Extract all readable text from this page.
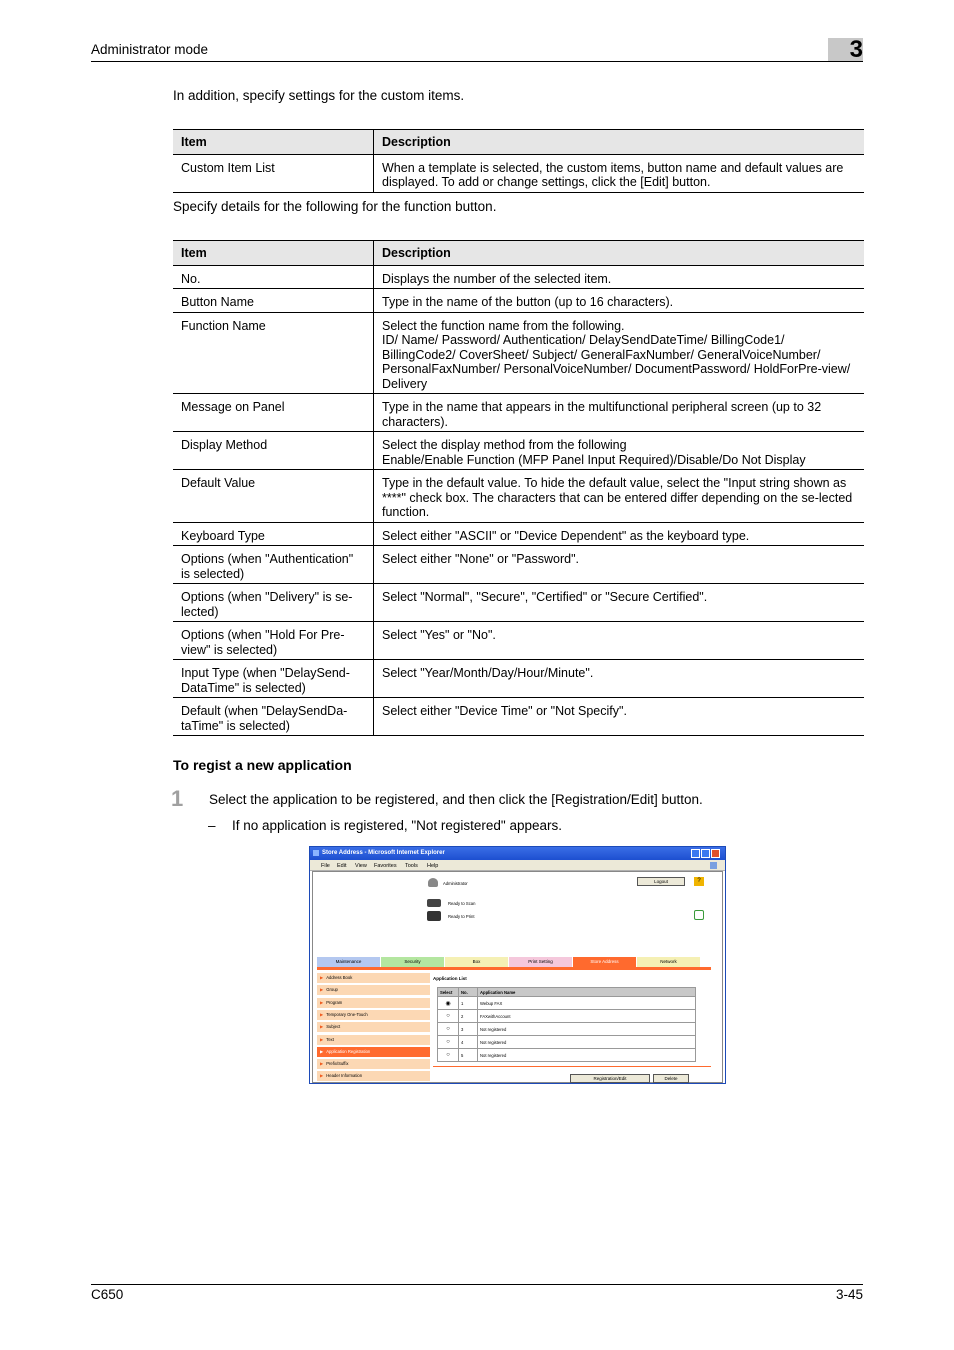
Administrator mode	3
In addition, specify settings for the custom items.
Item	Description
Custom Item List	When a template is selected, the custom items, button name and default values are displayed. To add or change settings, click the [Edit] button.
Specify details for the following for the function button.
Item	Description
No.	Displays the number of the selected item.
Button Name	Type in the name of the button (up to 16 characters).
Function Name	Select the function name from the following.
ID/ Name/ Password/ Authentication/ DelaySendDateTime/ BillingCode1/ BillingCode2/ CoverSheet/ Subject/ GeneralFaxNumber/ GeneralVoiceNumber/ PersonalFaxNumber/ PersonalVoiceNumber/ DocumentPassword/ HoldForPre-view/ Delivery
Message on Panel	Type in the name that appears in the multifunctional peripheral screen (up to 32 characters).
Display Method	Select the display method from the following
Enable/Enable Function (MFP Panel Input Required)/Disable/Do Not Display
Default Value	Type in the default value. To hide the default value, select the "Input string shown as ****" check box. The characters that can be entered differ depending on the se-lected function.
Keyboard Type	Select either "ASCII" or "Device Dependent" as the keyboard type.
Options (when "Authentication" is selected)	Select either "None" or "Password".
Options (when "Delivery" is se-lected)	Select "Normal", "Secure", "Certified" or "Secure Certified".
Options (when "Hold For Pre-view" is selected)	Select "Yes" or "No".
Input Type (when "DelaySend-DataTime" is selected)	Select "Year/Month/Day/Hour/Minute".
Default (when "DelaySendDa-taTime" is selected)	Select either "Device Time" or "Not Specify".
To regist a new application
1 Select the application to be registered, and then click the [Registration/Edit] button.
– If no application is registered, "Not registered" appears.
Store Address - Microsoft Internet Explorer
File Edit View Favorites Tools Help
Administrator	Logout	?
Ready to Scan
Ready to Print
Application List
Select	No.	Application Name
◉	1	Webup FAX
○	2	FAXwithAccount
○	3	Not registered
○	4	Not registered
○	5	Not registered
Registration/Edit	Delete
Maintenance	Security	Box	Print Setting	Store Address	Network
▶ Address Book
▶ Group
▶ Program
▶ Temporary One-Touch
▶ Subject
▶ Text
▶ Application Registration
▶ Prefix/Suffix
▶ Header Information
C650	3-45
